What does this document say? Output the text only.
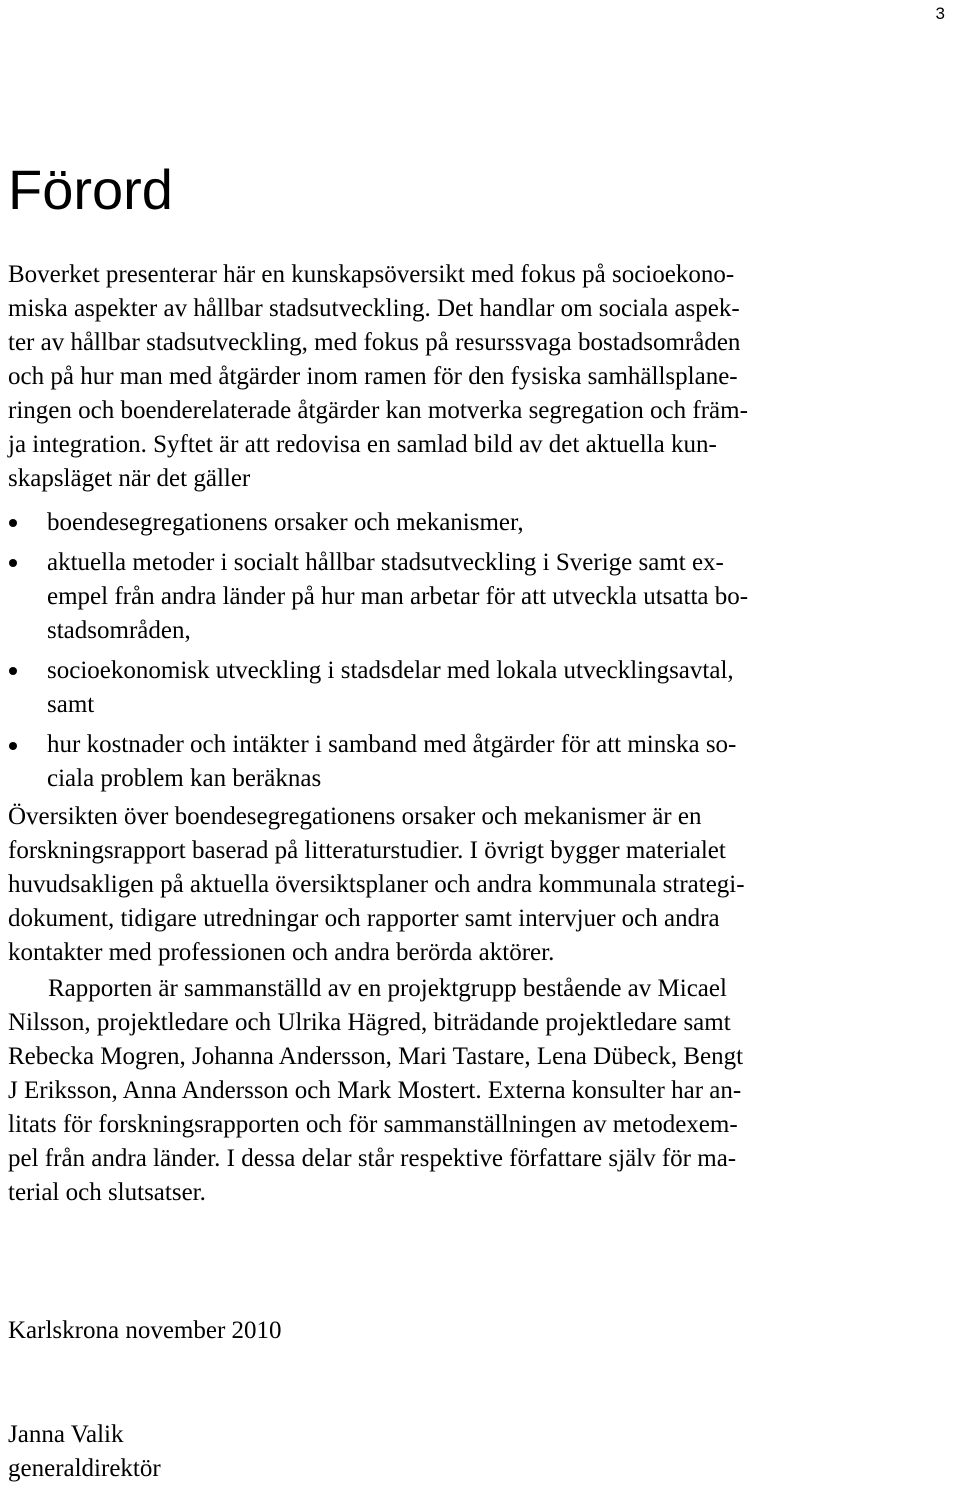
3
Förord
Boverket presenterar här en kunskapsöversikt med fokus på socioekono-
miska aspekter av hållbar stadsutveckling. Det handlar om sociala aspek-
ter av hållbar stadsutveckling, med fokus på resurssvaga bostadsområden
och på hur man med åtgärder inom ramen för den fysiska samhällsplane-
ringen och boenderelaterade åtgärder kan motverka segregation och främ-
ja integration. Syftet är att redovisa en samlad bild av det aktuella kun-
skapsläget när det gäller
boendesegregationens orsaker och mekanismer,
aktuella metoder i socialt hållbar stadsutveckling i Sverige samt ex-
empel från andra länder på hur man arbetar för att utveckla utsatta bo-
stadsområden,
socioekonomisk utveckling i stadsdelar med lokala utvecklingsavtal,
samt
hur kostnader och intäkter i samband med åtgärder för att minska so-
ciala problem kan beräknas
Översikten över boendesegregationens orsaker och mekanismer är en
forskningsrapport baserad på litteraturstudier. I övrigt bygger materialet
huvudsakligen på aktuella översiktsplaner och andra kommunala strategi-
dokument, tidigare utredningar och rapporter samt intervjuer och andra
kontakter med professionen och andra berörda aktörer.
Rapporten är sammanställd av en projektgrupp bestående av Micael
Nilsson, projektledare och Ulrika Hägred, biträdande projektledare samt
Rebecka Mogren, Johanna Andersson, Mari Tastare, Lena Dübeck, Bengt
J Eriksson, Anna Andersson och Mark Mostert. Externa konsulter har an-
litats för forskningsrapporten och för sammanställningen av metodexem-
pel från andra länder. I dessa delar står respektive författare själv för ma-
terial och slutsatser.
Karlskrona november 2010
Janna Valik
generaldirektör
